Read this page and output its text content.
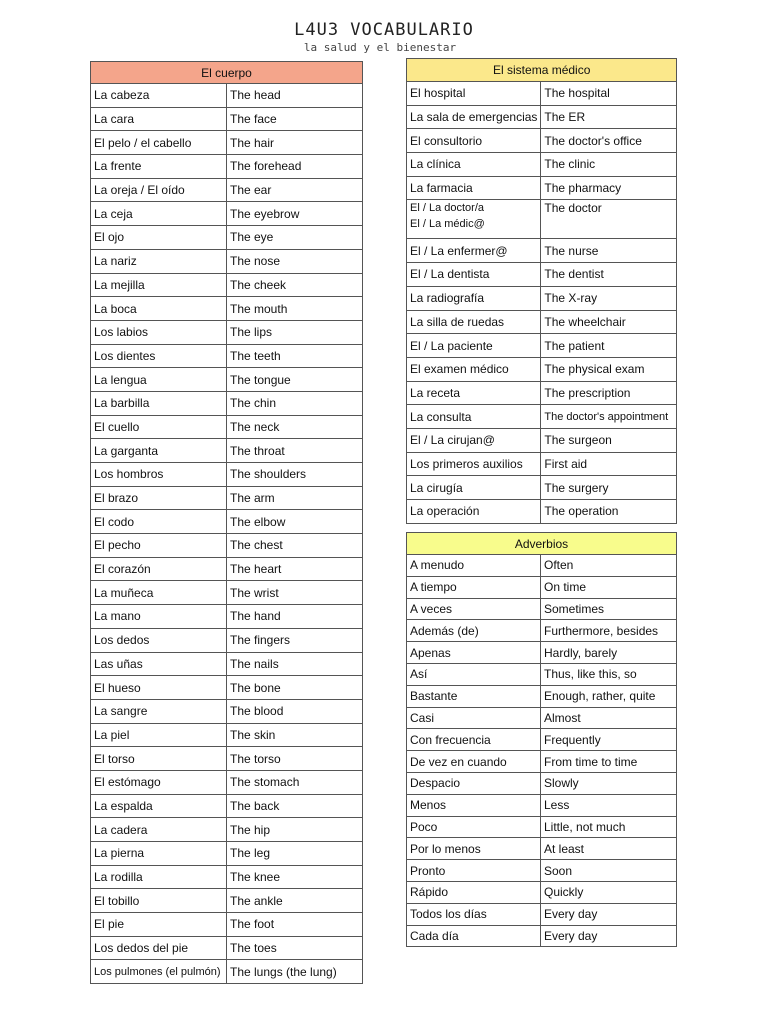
L4U3 VOCABULARIO
la salud y el bienestar
El cuerpo	
La cabeza	The head
La cara	The face
El pelo / el cabello	The hair
La frente	The forehead
La oreja / El oído	The ear
La ceja	The eyebrow
El ojo	The eye
La nariz	The nose
La mejilla	The cheek
La boca	The mouth
Los labios	The lips
Los dientes	The teeth
La lengua	The tongue
La barbilla	The chin
El cuello	The neck
La garganta	The throat
Los hombros	The shoulders
El brazo	The arm
El codo	The elbow
El pecho	The chest
El corazón	The heart
La muñeca	The wrist
La mano	The hand
Los dedos	The fingers
Las uñas	The nails
El hueso	The bone
La sangre	The blood
La piel	The skin
El torso	The torso
El estómago	The stomach
La espalda	The back
La cadera	The hip
La pierna	The leg
La rodilla	The knee
El tobillo	The ankle
El pie	The foot
Los dedos del pie	The toes
Los pulmones (el pulmón)	The lungs (the lung)
El sistema médico	
El hospital	The hospital
La sala de emergencias	The ER
El consultorio	The doctor's office
La clínica	The clinic
La farmacia	The pharmacy
El / La doctor/a
El / La médic@	The doctor
El / La enfermer@	The nurse
El / La dentista	The dentist
La radiografía	The X-ray
La silla de ruedas	The wheelchair
El / La paciente	The patient
El examen médico	The physical exam
La receta	The prescription
La consulta	The doctor's appointment
El / La cirujan@	The surgeon
Los primeros auxilios	First aid
La cirugía	The surgery
La operación	The operation
Adverbios	
A menudo	Often
A tiempo	On time
A veces	Sometimes
Además (de)	Furthermore, besides
Apenas	Hardly, barely
Así	Thus, like this, so
Bastante	Enough, rather, quite
Casi	Almost
Con frecuencia	Frequently
De vez en cuando	From time to time
Despacio	Slowly
Menos	Less
Poco	Little, not much
Por lo menos	At least
Pronto	Soon
Rápido	Quickly
Todos los días	Every day
Cada día	Every day
